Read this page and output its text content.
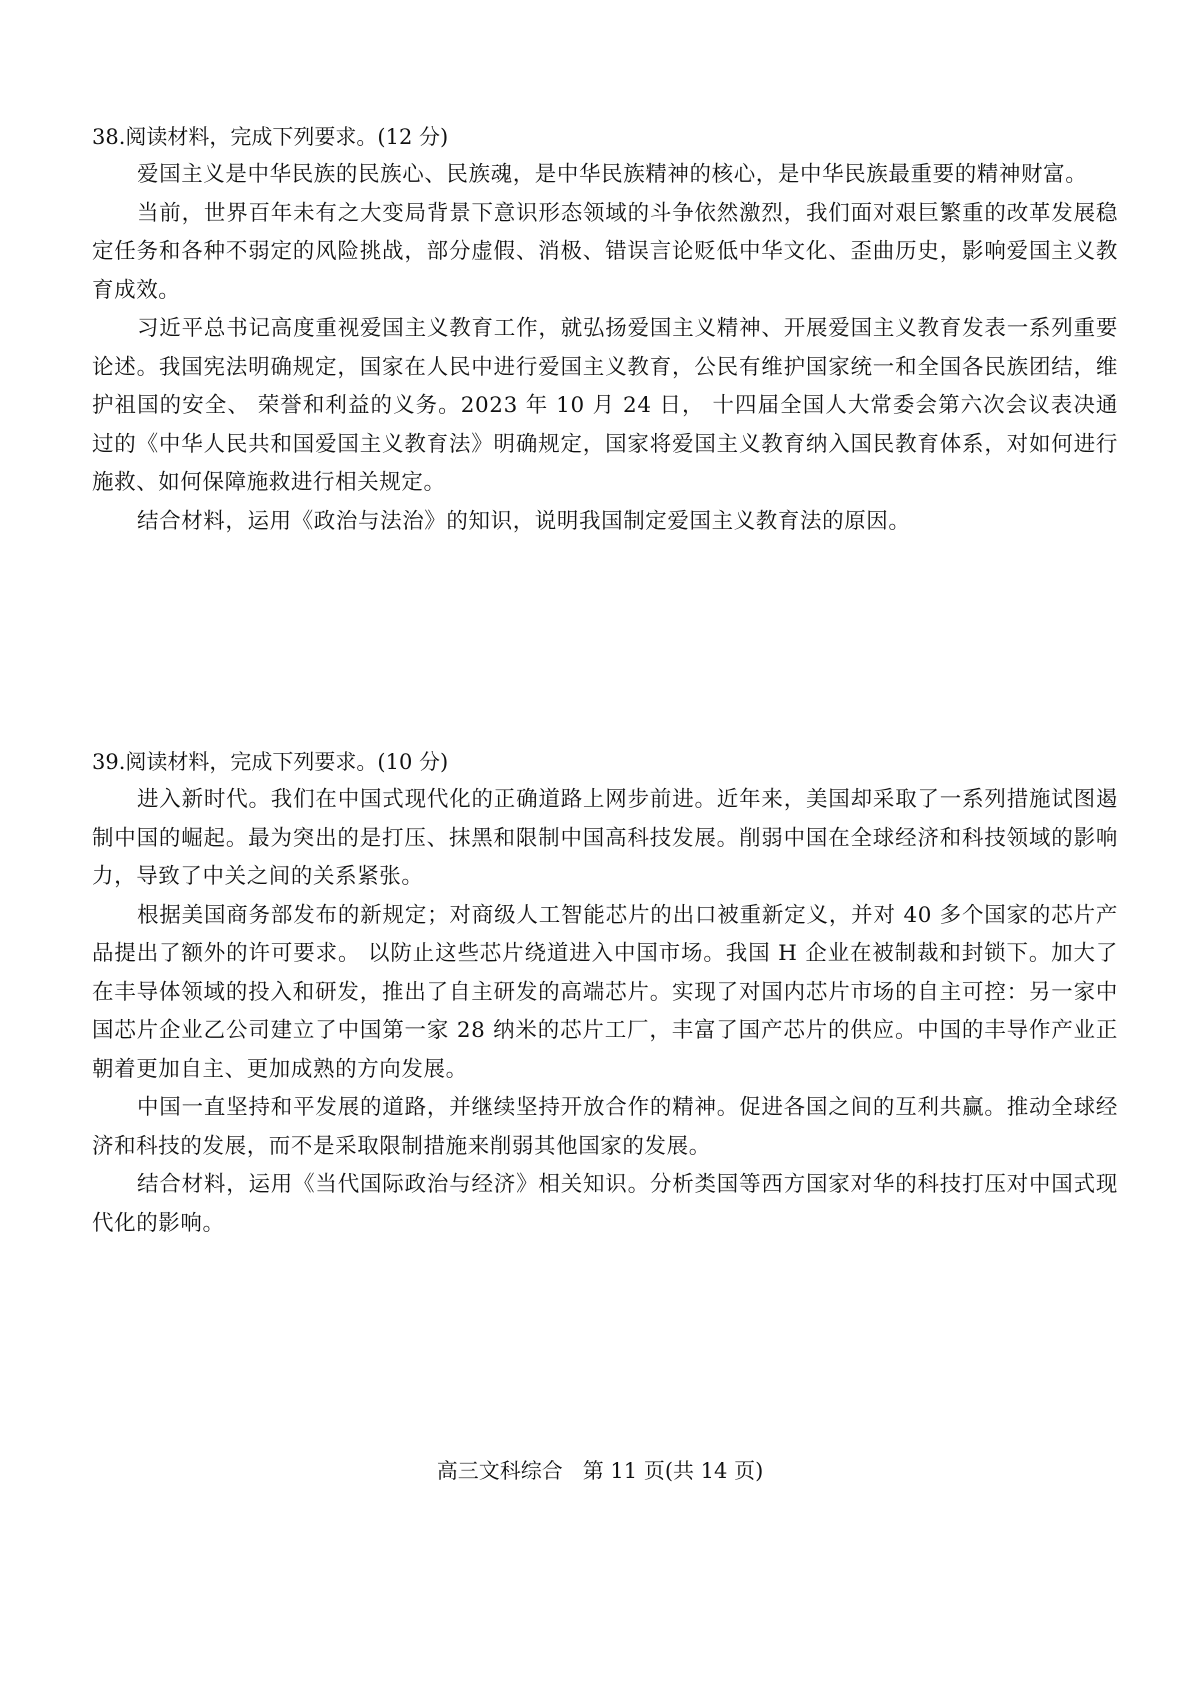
38.阅读材料，完成下列要求。(12 分)

爱国主义是中华民族的民族心、民族魂，是中华民族精神的核心，是中华民族最重要的精神财富。

当前，世界百年未有之大变局背景下意识形态领域的斗争依然激烈，我们面对艰巨繁重的改革发展稳定任务和各种不弱定的风险挑战，部分虚假、消极、错误言论贬低中华文化、歪曲历史，影响爱国主义教育成效。

习近平总书记高度重视爱国主义教育工作，就弘扬爱国主义精神、开展爱国主义教育发表一系列重要论述。我国宪法明确规定，国家在人民中进行爱国主义教育，公民有维护国家统一和全国各民族团结，维护祖国的安全、 荣誉和利益的义务。2023 年 10 月 24 日， 十四届全国人大常委会第六次会议表决通过的《中华人民共和国爱国主义教育法》明确规定，国家将爱国主义教育纳入国民教育体系，对如何进行施救、如何保障施救进行相关规定。

结合材料，运用《政治与法治》的知识，说明我国制定爱国主义教育法的原因。

39.阅读材料，完成下列要求。(10 分)

进入新时代。我们在中国式现代化的正确道路上网步前进。近年来，美国却采取了一系列措施试图遏制中国的崛起。最为突出的是打压、抹黑和限制中国高科技发展。削弱中国在全球经济和科技领域的影响力，导致了中关之间的关系紧张。

根据美国商务部发布的新规定；对商级人工智能芯片的出口被重新定义，并对 40 多个国家的芯片产品提出了额外的许可要求。 以防止这些芯片绕道进入中国市场。我国 H 企业在被制裁和封锁下。加大了在丰导体领域的投入和研发，推出了自主研发的高端芯片。实现了对国内芯片市场的自主可控：另一家中国芯片企业乙公司建立了中国第一家 28 纳米的芯片工厂，丰富了国产芯片的供应。中国的丰导作产业正朝着更加自主、更加成熟的方向发展。

中国一直坚持和平发展的道路，并继续坚持开放合作的精神。促进各国之间的互利共赢。推动全球经济和科技的发展，而不是采取限制措施来削弱其他国家的发展。

结合材料，运用《当代国际政治与经济》相关知识。分析类国等西方国家对华的科技打压对中国式现代化的影响。

高三文科综合   第 11 页(共 14 页)
